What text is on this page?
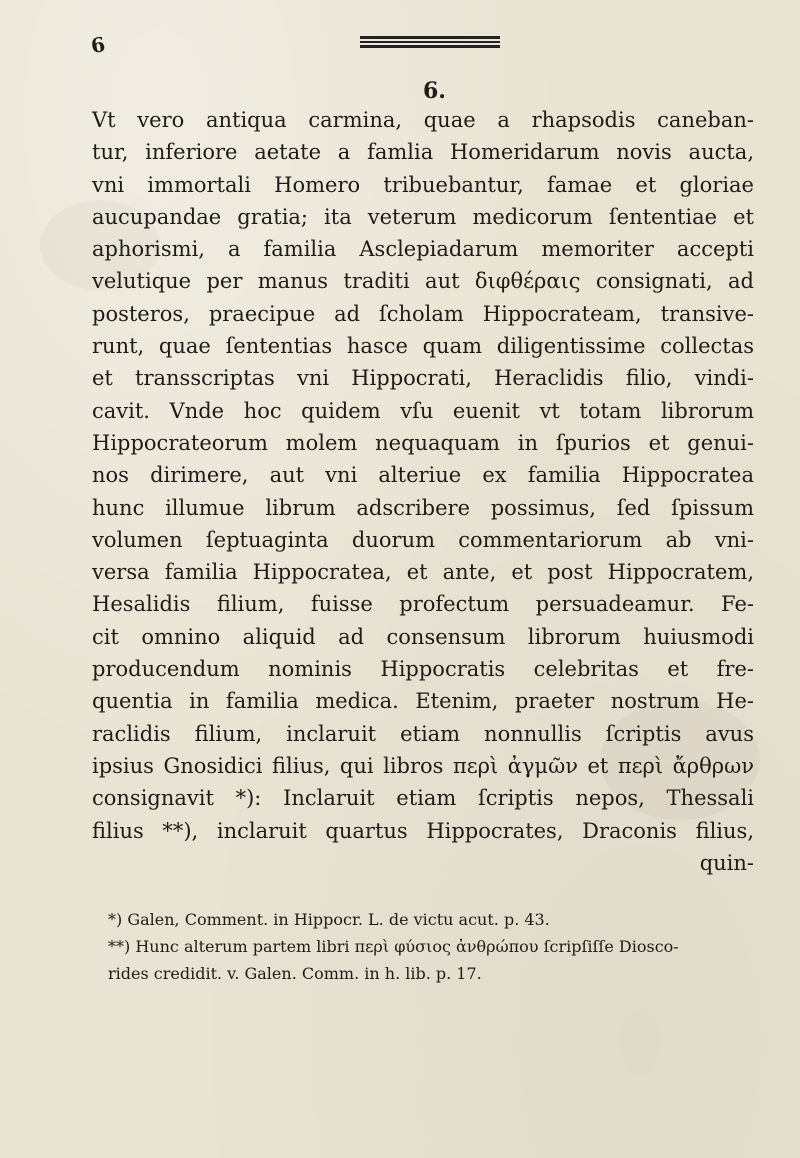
6
6.
Vt vero antiqua carmina, quae a rhapsodis caneban-
tur, inferiore aetate a famlia Homeridarum novis aucta,
vni immortali Homero tribuebantur, famae et gloriae
aucupandae gratia; ita veterum medicorum ſententiae et
aphorismi, a familia Asclepiadarum memoriter accepti
velutique per manus traditi aut διφθέραις consignati, ad
posteros, praecipue ad ſcholam Hippocrateam, transive-
runt, quae ſententias hasce quam diligentissime collectas
et transscriptas vni Hippocrati, Heraclidis filio, vindi-
cavit. Vnde hoc quidem vſu euenit vt totam librorum
Hippocrateorum molem nequaquam in ſpurios et genui-
nos dirimere, aut vni alteriue ex familia Hippocratea
hunc illumue librum adscribere possimus, ſed ſpissum
volumen ſeptuaginta duorum commentariorum ab vni-
versa familia Hippocratea, et ante, et post Hippocratem,
Hesalidis filium, fuisse profectum persuadeamur. Fe-
cit omnino aliquid ad consensum librorum huiusmodi
producendum nominis Hippocratis celebritas et fre-
quentia in familia medica. Etenim, praeter nostrum He-
raclidis filium, inclaruit etiam nonnullis ſcriptis avus
ipsius Gnosidici filius, qui libros περὶ ἀγμῶν et περὶ ἄρθρων
consignavit *): Inclaruit etiam ſcriptis nepos, Thessali
filius **), inclaruit quartus Hippocrates, Draconis filius,
quin-
*) Galen, Comment. in Hippocr. L. de victu acut. p. 43.
**) Hunc alterum partem libri περὶ φύσιος ἀνθρώπου ſcripſiſſe Diosco-
rides credidit. v. Galen. Comm. in h. lib. p. 17.
